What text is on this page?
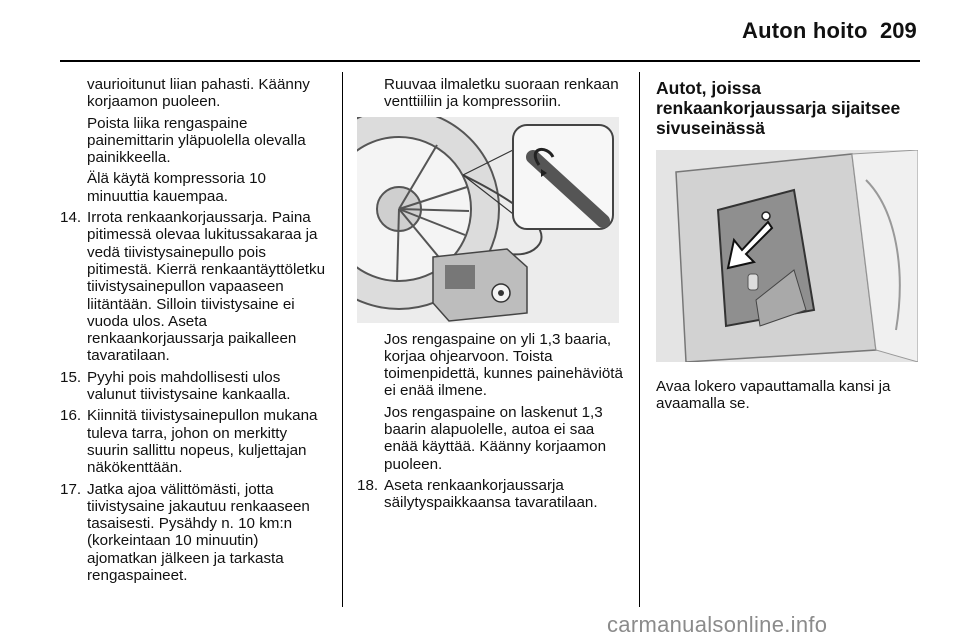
Auton hoito 209

vaurioitunut liian pahasti. Käänny korjaamon puoleen.

Poista liika rengaspaine painemittarin yläpuolella olevalla painikkeella.

Älä käytä kompressoria 10 minuuttia kauempaa.

14. Irrota renkaankorjaussarja. Paina pitimessä olevaa lukitussakaraa ja vedä tiivistysainepullo pois pitimestä. Kierrä renkaantäyttöletku tiivistysainepullon vapaaseen liitäntään. Silloin tiivistysaine ei vuoda ulos. Aseta renkaankorjaussarja paikalleen tavaratilaan.
15. Pyyhi pois mahdollisesti ulos valunut tiivistysaine kankaalla.
16. Kiinnitä tiivistysainepullon mukana tuleva tarra, johon on merkitty suurin sallittu nopeus, kuljettajan näkökenttään.
17. Jatka ajoa välittömästi, jotta tiivistysaine jakautuu renkaaseen tasaisesti. Pysähdy n. 10 km:n (korkeintaan 10 minuutin) ajomatkan jälkeen ja tarkasta rengaspaineet.

Ruuvaa ilmaletku suoraan renkaan venttiiliin ja kompressoriin.

Jos rengaspaine on yli 1,3 baaria, korjaa ohjearvoon. Toista toimenpidettä, kunnes painehäviötä ei enää ilmene.

Jos rengaspaine on laskenut 1,3 baarin alapuolelle, autoa ei saa enää käyttää. Käänny korjaamon puoleen.

18. Aseta renkaankorjaussarja säilytyspaikkaansa tavaratilaan.
Autot, joissa renkaankorjaussarja sijaitsee sivuseinässä

Avaa lokero vapauttamalla kansi ja avaamalla se.

carmanualsonline.info
